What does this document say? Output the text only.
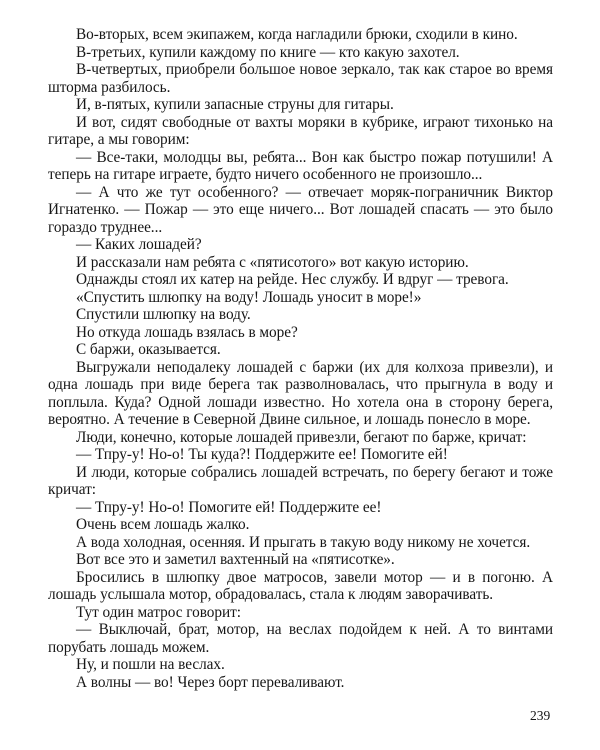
Во-вторых, всем экипажем, когда нагладили брюки, сходили в кино.

В-третьих, купили каждому по книге — кто какую захотел.

В-четвертых, приобрели большое новое зеркало, так как старое во время шторма разбилось.

И, в-пятых, купили запасные струны для гитары.

И вот, сидят свободные от вахты моряки в кубрике, играют тихонько на гитаре, а мы говорим:

— Все-таки, молодцы вы, ребята... Вон как быстро пожар потушили! А теперь на гитаре играете, будто ничего особенного не произошло...

— А что же тут особенного? — отвечает моряк-пограничник Виктор Игнатенко. — Пожар — это еще ничего... Вот лошадей спасать — это было гораздо труднее...

— Каких лошадей?

И рассказали нам ребята с «пятисотого» вот какую историю.

Однажды стоял их катер на рейде. Нес службу. И вдруг — тревога.

«Спустить шлюпку на воду! Лошадь уносит в море!»

Спустили шлюпку на воду.

Но откуда лошадь взялась в море?

С баржи, оказывается.

Выгружали неподалеку лошадей с баржи (их для колхоза привезли), и одна лошадь при виде берега так разволновалась, что прыгнула в воду и поплыла. Куда? Одной лошади известно. Но хотела она в сторону берега, вероятно. А течение в Северной Двине сильное, и лошадь понесло в море.

Люди, конечно, которые лошадей привезли, бегают по барже, кричат:

— Тпру-у! Но-о! Ты куда?! Поддержите ее! Помогите ей!

И люди, которые собрались лошадей встречать, по берегу бегают и тоже кричат:

— Тпру-у! Но-о! Помогите ей! Поддержите ее!

Очень всем лошадь жалко.

А вода холодная, осенняя. И прыгать в такую воду никому не хочется.

Вот все это и заметил вахтенный на «пятисотке».

Бросились в шлюпку двое матросов, завели мотор — и в погоню. А лошадь услышала мотор, обрадовалась, стала к людям заворачивать.

Тут один матрос говорит:

— Выключай, брат, мотор, на веслах подойдем к ней. А то винтами порубать лошадь можем.

Ну, и пошли на веслах.

А волны — во! Через борт переваливают.

239
